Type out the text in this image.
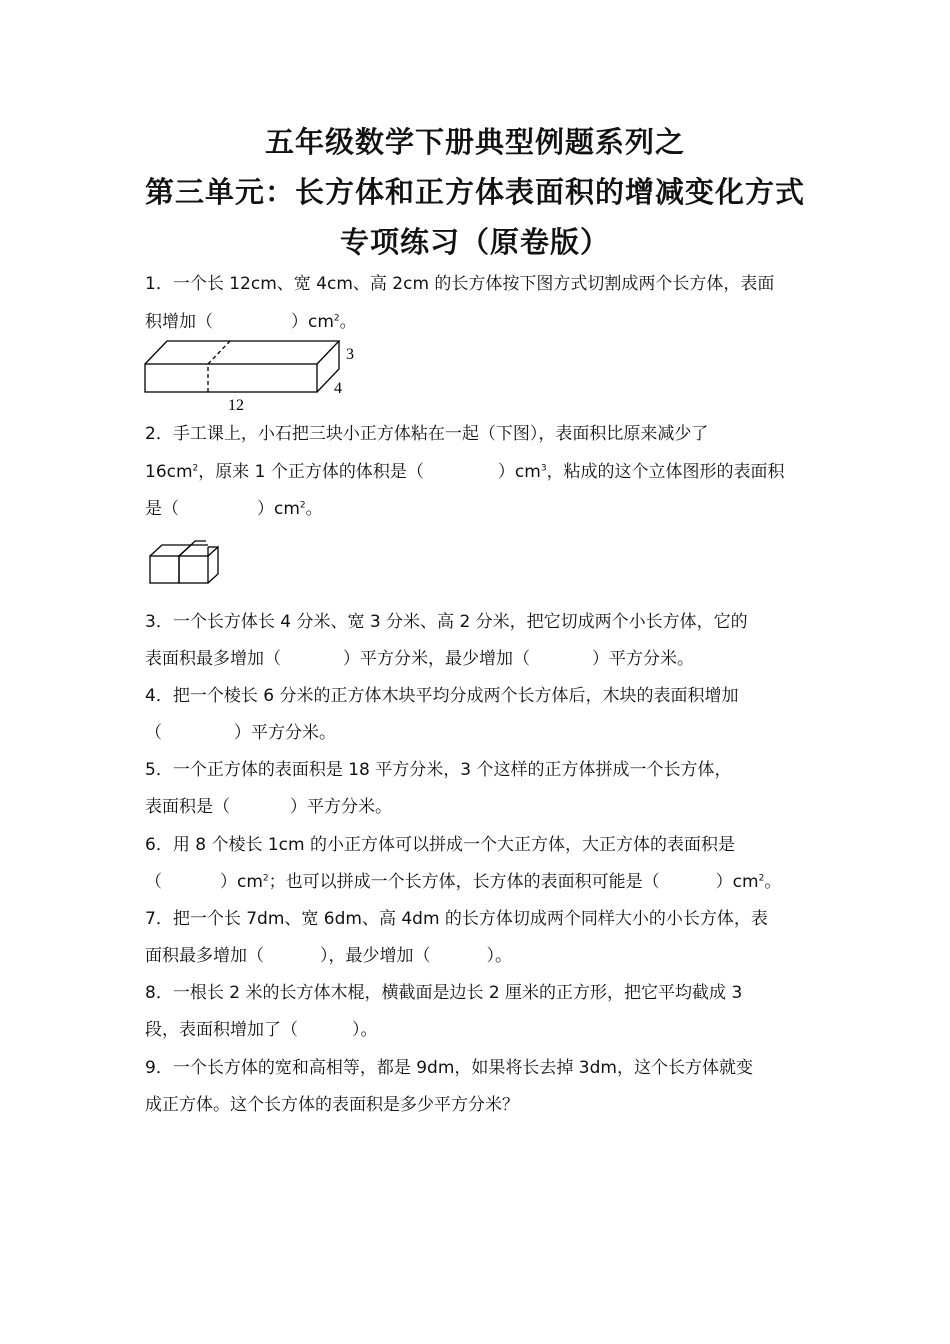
五年级数学下册典型例题系列之
第三单元：长方体和正方体表面积的增减变化方式
专项练习（原卷版）
1．一个长 12cm、宽 4cm、高 2cm 的长方体按下图方式切割成两个长方体，表面
积增加（	）$cm^2$。
12
4
3
2．手工课上，小石把三块小正方体粘在一起（下图），表面积比原来减少了
$16cm^2$，原来 1 个正方体的体积是（	）$cm^3$，粘成的这个立体图形的表面积
是（	）$cm^2$。
3．一个长方体长 4 分米、宽 3 分米、高 2 分米，把它切成两个小长方体，它的
表面积最多增加（	）平方分米，最少增加（	）平方分米。
4．把一个棱长 6 分米的正方体木块平均分成两个长方体后，木块的表面积增加
（	）平方分米。
5．一个正方体的表面积是 18 平方分米，3 个这样的正方体拼成一个长方体，
表面积是（	）平方分米。
6．用 8 个棱长 1cm 的小正方体可以拼成一个大正方体，大正方体的表面积是
（	）$cm^2$；也可以拼成一个长方体，长方体的表面积可能是（	）$cm^2$。
7．把一个长 7dm、宽 6dm、高 4dm 的长方体切成两个同样大小的小长方体，表
面积最多增加（	），最少增加（	）。
8．一根长 2 米的长方体木棍，横截面是边长 2 厘米的正方形，把它平均截成 3
段，表面积增加了（	）。
9．一个长方体的宽和高相等，都是 9dm，如果将长去掉 3dm，这个长方体就变
成正方体。这个长方体的表面积是多少平方分米？
